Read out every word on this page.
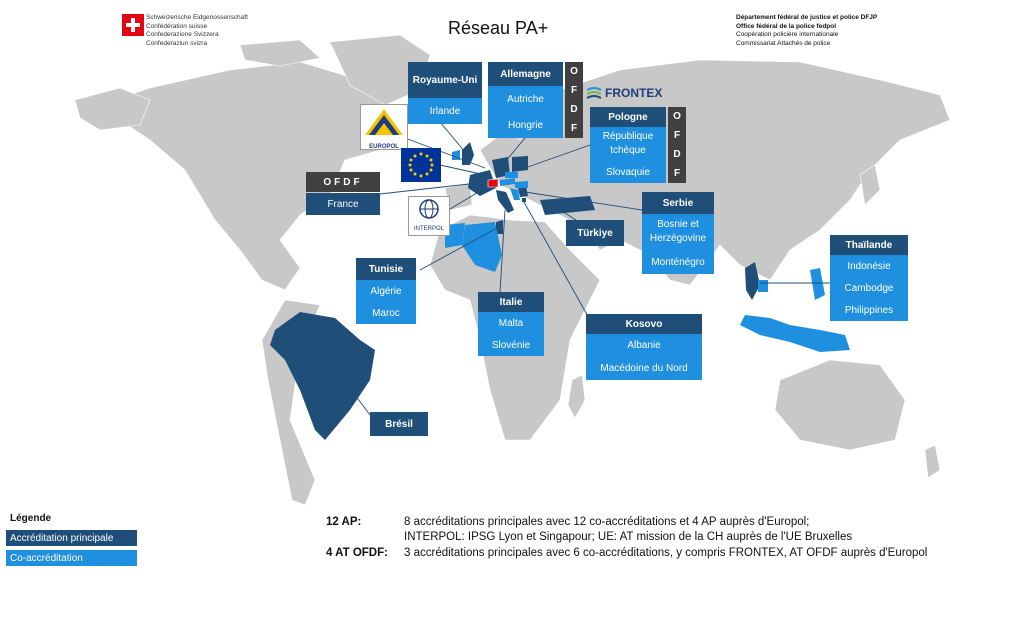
Schweizerische Eidgenossenschaft
Confédération suisse
Confederazione Svizzera
Confederaziun svizra
Réseau PA+
Département fédéral de justice et police DFJP
Office fédéral de la police fedpol
Coopération policière internationale
Commissariat Attachés de police
FRONTEX
EUROPOL
INTERPOL
Royaume-Uni
Irlande
Allemagne
Autriche
Hongrie
O
F
D
F
Pologne
République tchèque
Slovaquie
O
F
D
F
OFDF
France	Serbie
Bosnie et Herzégovine
Monténégro
Türkiye
Thaïlande
Indonésie
Cambodge
Philippines
Tunisie
Algérie
Maroc
Italie
Malta
Slovénie
Kosovo
Albanie
Macédoine du Nord
Brésil
Légende
Accréditation principale
Co-accréditation
12 AP:	8 accréditations principales avec 12 co-accréditations et 4 AP auprès d'Europol;
INTERPOL: IPSG Lyon et Singapour; UE: AT mission de la CH auprès de l'UE Bruxelles
4 AT OFDF: 3 accréditations principales avec 6 co-accréditations, y compris FRONTEX, AT OFDF auprès d'Europol
